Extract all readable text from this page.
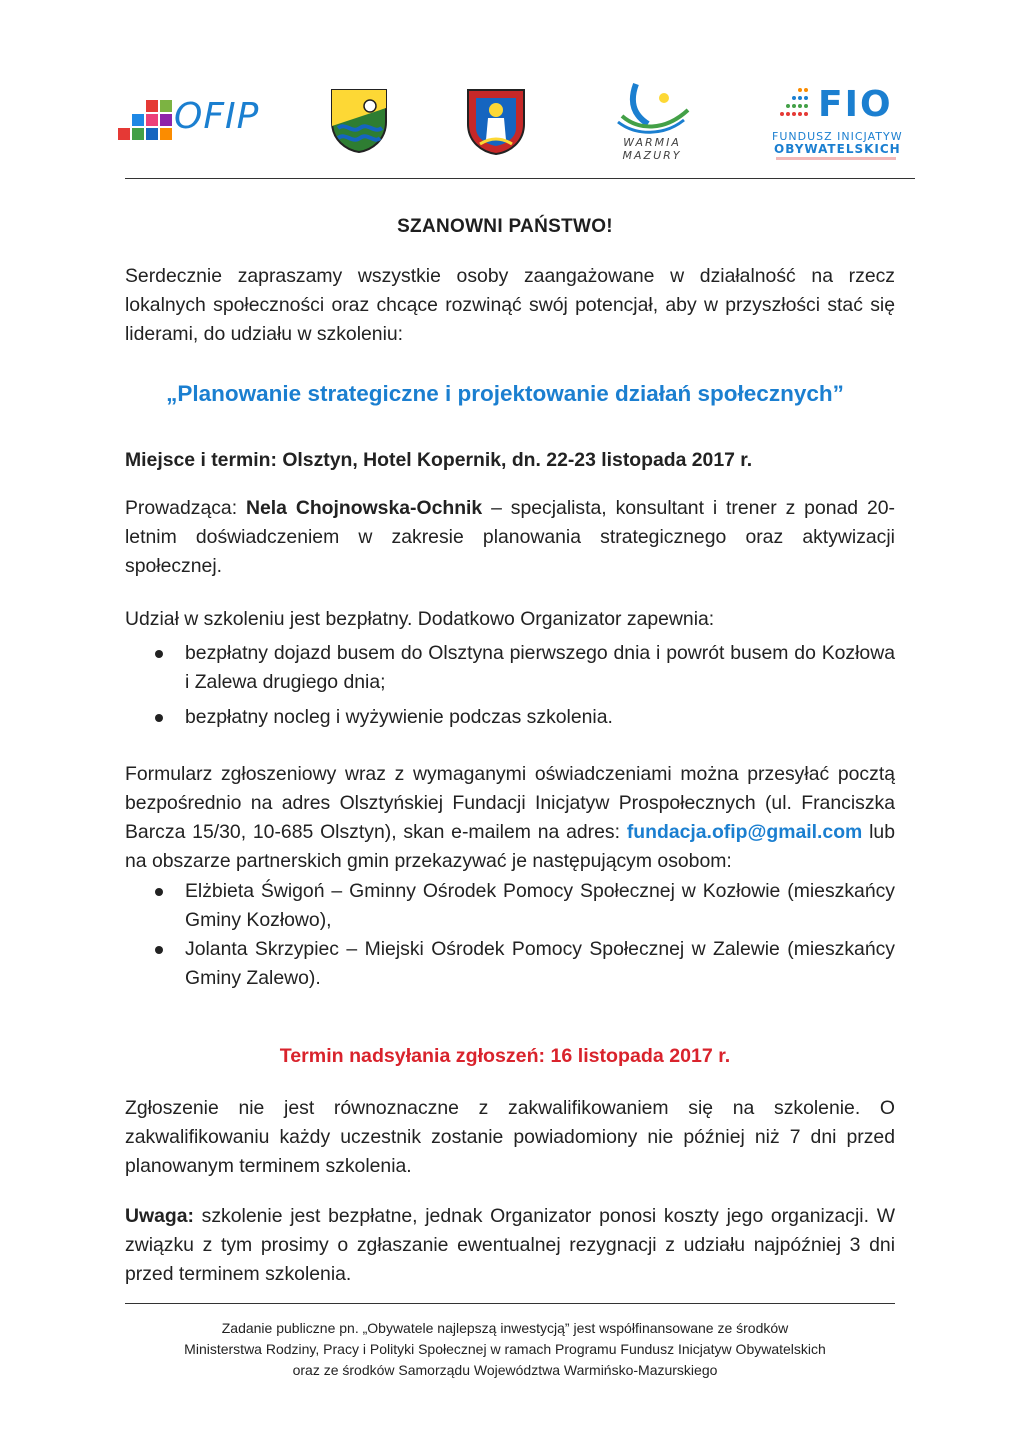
OFIP
WARMIA
MAZURY
FIO
FUNDUSZ INICJATYW
OBYWATELSKICH
SZANOWNI PAŃSTWO!

Serdecznie zapraszamy wszystkie osoby zaangażowane w działalność na rzecz lokalnych społeczności oraz chcące rozwinąć swój potencjał, aby w przyszłości stać się liderami, do udziału w szkoleniu:

„Planowanie strategiczne i projektowanie działań społecznych”

Miejsce i termin: Olsztyn, Hotel Kopernik, dn. 22-23 listopada 2017 r.

Prowadząca: Nela Chojnowska-Ochnik – specjalista, konsultant i trener z ponad 20-letnim doświadczeniem w zakresie planowania strategicznego oraz aktywizacji społecznej.

Udział w szkoleniu jest bezpłatny. Dodatkowo Organizator zapewnia:

bezpłatny dojazd busem do Olsztyna pierwszego dnia i powrót busem do Kozłowa i Zalewa drugiego dnia;
bezpłatny nocleg i wyżywienie podczas szkolenia.

Formularz zgłoszeniowy wraz z wymaganymi oświadczeniami można przesyłać pocztą bezpośrednio na adres Olsztyńskiej Fundacji Inicjatyw Prospołecznych (ul. Franciszka Barcza 15/30, 10-685 Olsztyn), skan e-mailem na adres: fundacja.ofip@gmail.com lub na obszarze partnerskich gmin przekazywać je następującym osobom:

Elżbieta Świgoń – Gminny Ośrodek Pomocy Społecznej w Kozłowie (mieszkańcy Gminy Kozłowo),
Jolanta Skrzypiec – Miejski Ośrodek Pomocy Społecznej w Zalewie (mieszkańcy Gminy Zalewo).
Termin nadsyłania zgłoszeń: 16 listopada 2017 r.

Zgłoszenie nie jest równoznaczne z zakwalifikowaniem się na szkolenie. O zakwalifikowaniu każdy uczestnik zostanie powiadomiony nie później niż 7 dni przed planowanym terminem szkolenia.

Uwaga: szkolenie jest bezpłatne, jednak Organizator ponosi koszty jego organizacji. W związku z tym prosimy o zgłaszanie ewentualnej rezygnacji z udziału najpóźniej 3 dni przed terminem szkolenia.

Zadanie publiczne pn. „Obywatele najlepszą inwestycją” jest współfinansowane ze środków
Ministerstwa Rodziny, Pracy i Polityki Społecznej w ramach Programu Fundusz Inicjatyw Obywatelskich
oraz ze środków Samorządu Województwa Warmińsko-Mazurskiego
